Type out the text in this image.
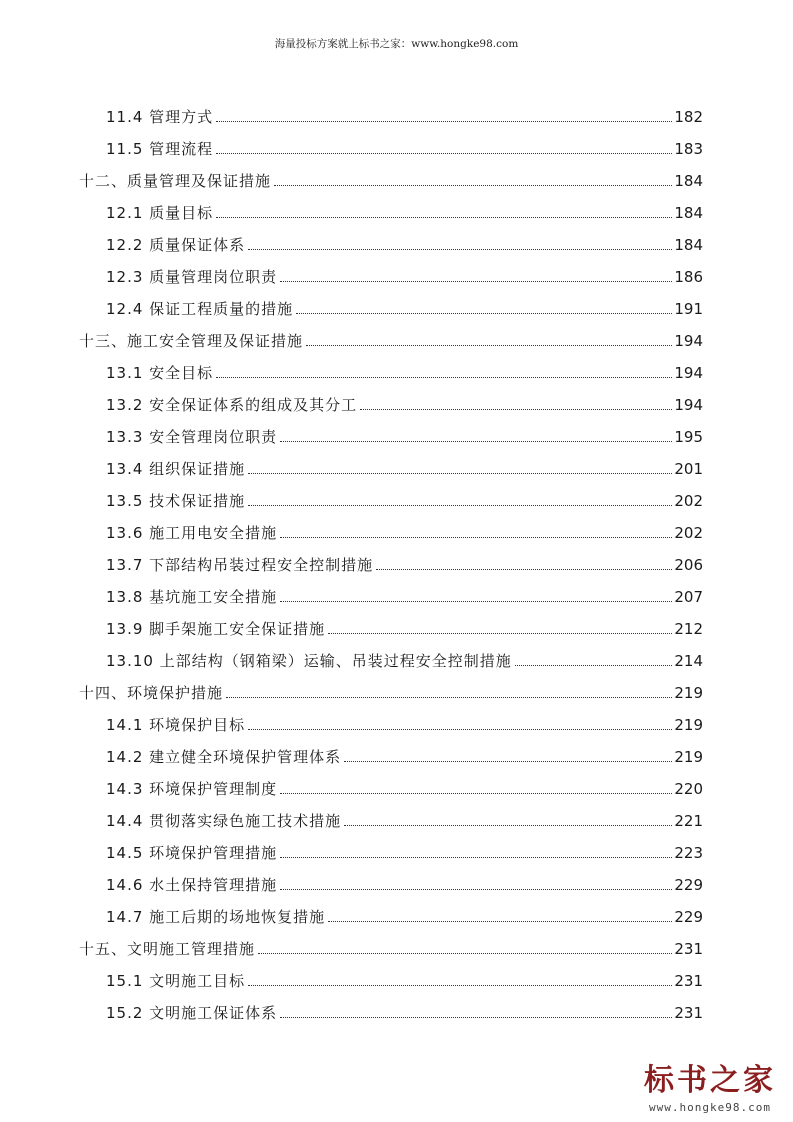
海量投标方案就上标书之家：www.hongke98.com
11.4 管理方式	182
11.5 管理流程	183
十二、质量管理及保证措施	184
12.1 质量目标	184
12.2 质量保证体系	184
12.3 质量管理岗位职责	186
12.4 保证工程质量的措施	191
十三、施工安全管理及保证措施	194
13.1 安全目标	194
13.2 安全保证体系的组成及其分工	194
13.3 安全管理岗位职责	195
13.4 组织保证措施	201
13.5 技术保证措施	202
13.6 施工用电安全措施	202
13.7 下部结构吊装过程安全控制措施	206
13.8 基坑施工安全措施	207
13.9 脚手架施工安全保证措施	212
13.10 上部结构（钢箱梁）运输、吊装过程安全控制措施	214
十四、环境保护措施	219
14.1 环境保护目标	219
14.2 建立健全环境保护管理体系	219
14.3 环境保护管理制度	220
14.4 贯彻落实绿色施工技术措施	221
14.5 环境保护管理措施	223
14.6 水土保持管理措施	229
14.7 施工后期的场地恢复措施	229
十五、文明施工管理措施	231
15.1 文明施工目标	231
15.2 文明施工保证体系	231
标书之家
www.hongke98.com
